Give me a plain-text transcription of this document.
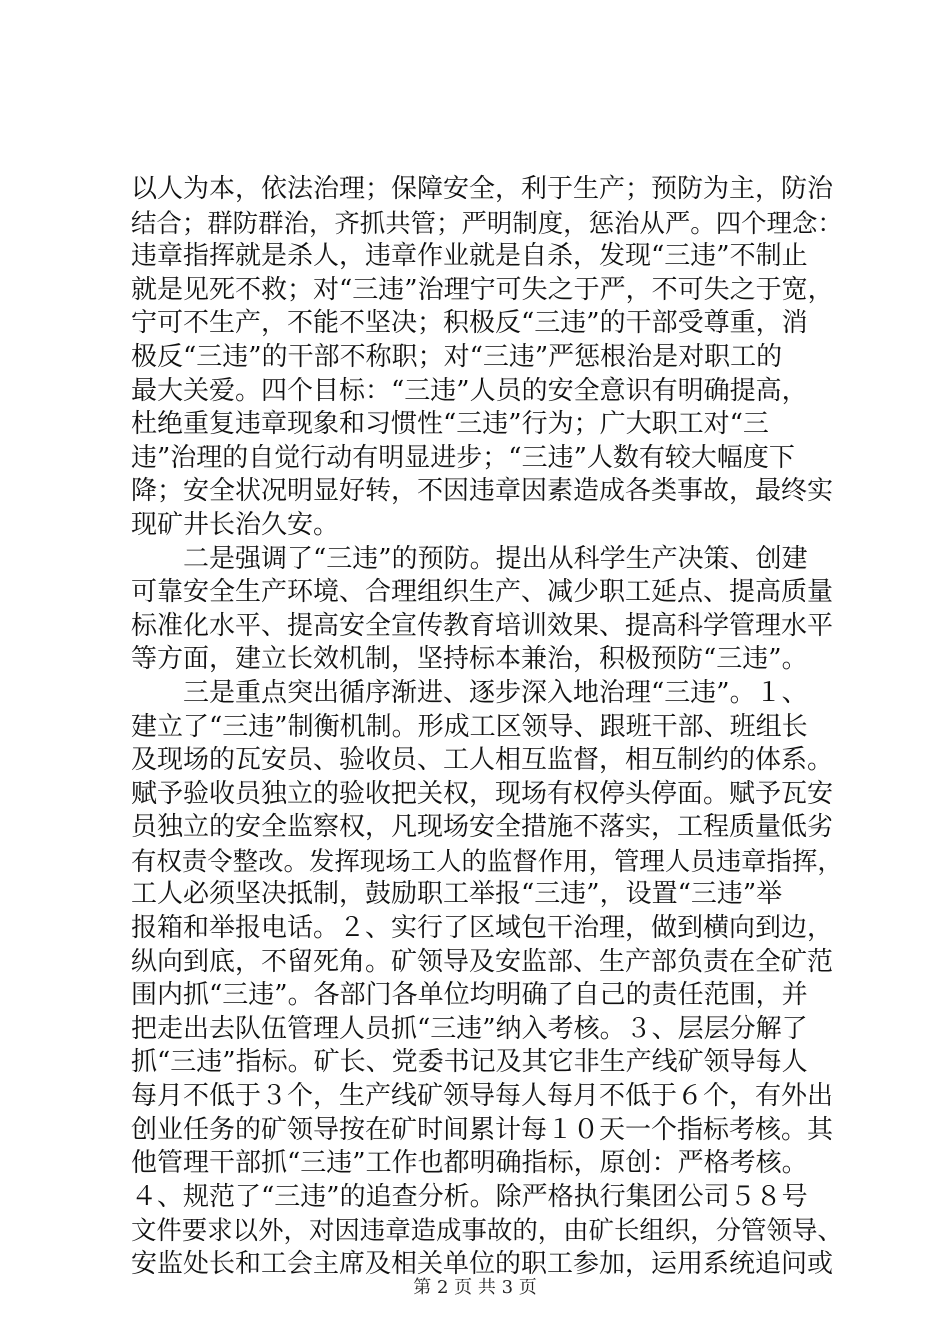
以人为本，依法治理；保障安全，利于生产；预防为主，防治
结合；群防群治，齐抓共管；严明制度，惩治从严。四个理念：
违章指挥就是杀人，违章作业就是自杀，发现“三违”不制止
就是见死不救；对“三违”治理宁可失之于严，不可失之于宽，
宁可不生产，不能不坚决；积极反“三违”的干部受尊重，消
极反“三违”的干部不称职；对“三违”严惩根治是对职工的
最大关爱。四个目标：“三违”人员的安全意识有明确提高，
杜绝重复违章现象和习惯性“三违”行为；广大职工对“三
违”治理的自觉行动有明显进步；“三违”人数有较大幅度下
降；安全状况明显好转，不因违章因素造成各类事故，最终实
现矿井长治久安。
　　二是强调了“三违”的预防。提出从科学生产决策、创建
可靠安全生产环境、合理组织生产、减少职工延点、提高质量
标准化水平、提高安全宣传教育培训效果、提高科学管理水平
等方面，建立长效机制，坚持标本兼治，积极预防“三违”。
　　三是重点突出循序渐进、逐步深入地治理“三违”。１、
建立了“三违”制衡机制。形成工区领导、跟班干部、班组长
及现场的瓦安员、验收员、工人相互监督，相互制约的体系。
赋予验收员独立的验收把关权，现场有权停头停面。赋予瓦安
员独立的安全监察权，凡现场安全措施不落实，工程质量低劣
有权责令整改。发挥现场工人的监督作用，管理人员违章指挥，
工人必须坚决抵制，鼓励职工举报“三违”，设置“三违”举
报箱和举报电话。２、实行了区域包干治理，做到横向到边，
纵向到底，不留死角。矿领导及安监部、生产部负责在全矿范
围内抓“三违”。各部门各单位均明确了自己的责任范围，并
把走出去队伍管理人员抓“三违”纳入考核。３、层层分解了
抓“三违”指标。矿长、党委书记及其它非生产线矿领导每人
每月不低于３个，生产线矿领导每人每月不低于６个，有外出
创业任务的矿领导按在矿时间累计每１０天一个指标考核。其
他管理干部抓“三违”工作也都明确指标，原创：严格考核。
４、规范了“三违”的追查分析。除严格执行集团公司５８号
文件要求以外，对因违章造成事故的，由矿长组织，分管领导、
安监处长和工会主席及相关单位的职工参加，运用系统追问或
第 2 页 共 3 页
